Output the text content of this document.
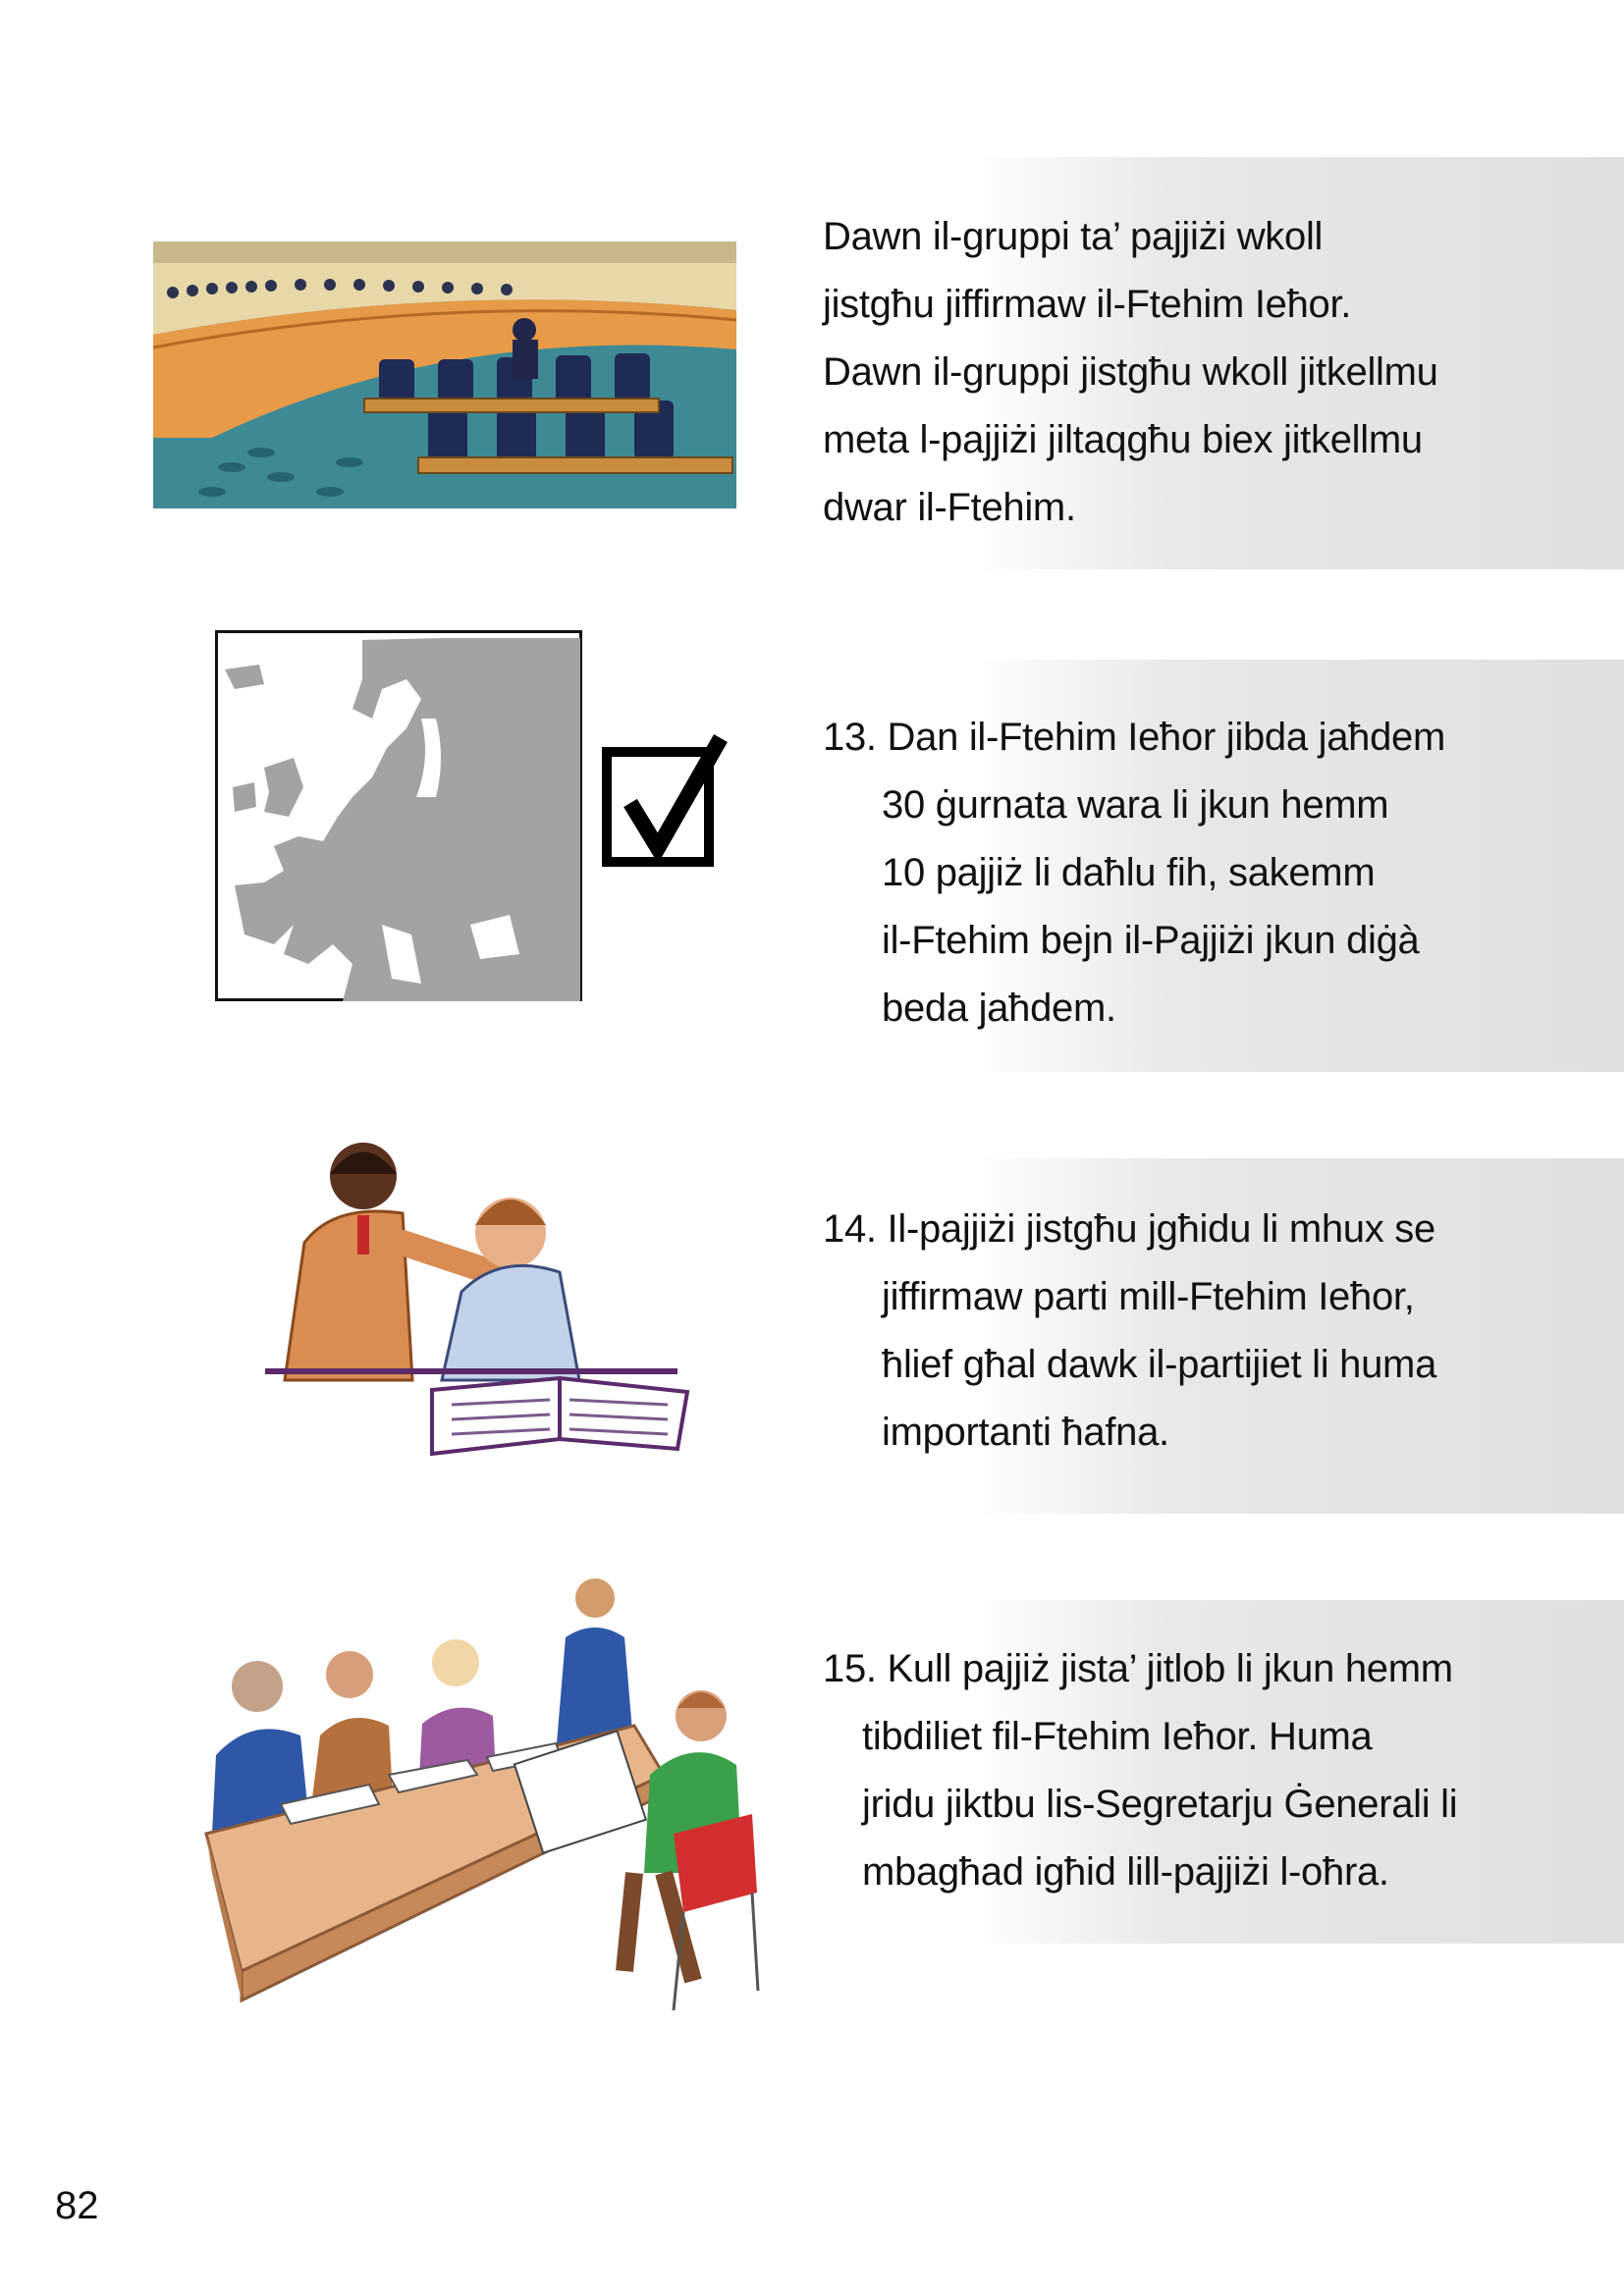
Dawn il-gruppi ta’ pajjiżi wkoll
jistgħu jiffirmaw il-Ftehim Ieħor.
Dawn il-gruppi jistgħu wkoll jitkellmu
meta l-pajjiżi jiltaqgħu biex jitkellmu
dwar il-Ftehim.
13. Dan il-Ftehim Ieħor jibda jaħdem
30 ġurnata wara li jkun hemm
10 pajjiż li daħlu fih, sakemm
il-Ftehim bejn il-Pajjiżi jkun diġà
beda jaħdem.
14. Il-pajjiżi jistgħu jgħidu li mhux se
jiffirmaw parti mill-Ftehim Ieħor,
ħlief għal dawk il-partijiet li huma
importanti ħafna.
15. Kull pajjiż jista’ jitlob li jkun hemm
tibdiliet fil-Ftehim Ieħor. Huma
jridu jiktbu lis-Segretarju Ġenerali li
mbagħad igħid lill-pajjiżi l-oħra.
82
